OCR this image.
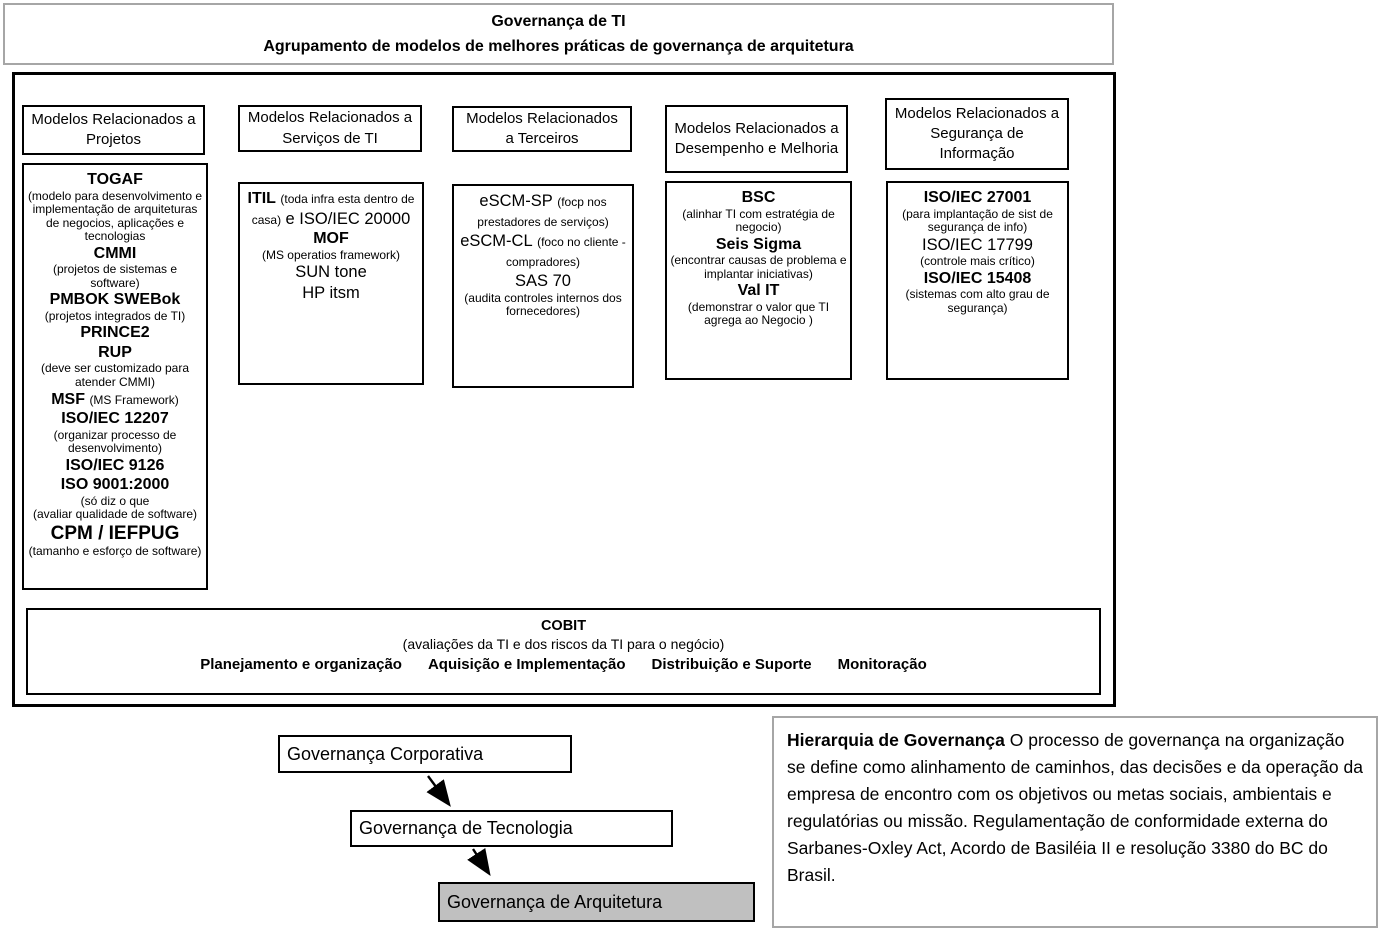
Governança de TI
Agrupamento de modelos de melhores práticas de governança de arquitetura
Modelos Relacionados a Projetos
Modelos Relacionados a Serviços de TI
Modelos Relacionados a Terceiros
Modelos Relacionados a Desempenho e Melhoria
Modelos Relacionados a Segurança de Informação
TOGAF
(modelo para desenvolvimento e implementação de arquiteturas de negocios, aplicações e tecnologias
CMMI
(projetos de sistemas e software)
PMBOK SWEBok
(projetos integrados de TI)
PRINCE2
RUP
(deve ser customizado para atender CMMI)
MSF (MS Framework)
ISO/IEC 12207
(organizar processo de desenvolvimento)
ISO/IEC 9126
ISO 9001:2000
(só diz o que
(avaliar qualidade de software)
CPM / IEFPUG
(tamanho e esforço de software)
ITIL (toda infra esta dentro de casa) e ISO/IEC 20000
MOF
(MS operatios framework)
SUN tone
HP itsm
eSCM-SP (focp nos prestadores de serviços)
eSCM-CL (foco no cliente - compradores)
SAS 70
(audita controles internos dos fornecedores)
BSC
(alinhar TI com estratégia de negocio)
Seis Sigma
(encontrar causas de problema e implantar iniciativas)
Val IT
(demonstrar o valor que TI agrega ao Negocio )
ISO/IEC 27001
(para implantação de sist de segurança de info)
ISO/IEC 17799
(controle mais crítico)
ISO/IEC 15408
(sistemas com alto grau de segurança)
COBIT
(avaliações da TI e dos riscos da TI para o negócio)
Planejamento e organização Aquisição e Implementação Distribuição e Suporte Monitoração
Governança Corporativa
Governança de Tecnologia
Governança de Arquitetura
Hierarquia de Governança O processo de governança na organização se define como alinhamento de caminhos, das decisões e da operação da empresa de encontro com os objetivos ou metas sociais, ambientais e regulatórias ou missão. Regulamentação de conformidade externa do Sarbanes-Oxley Act, Acordo de Basiléia II e resolução 3380 do BC do Brasil.
